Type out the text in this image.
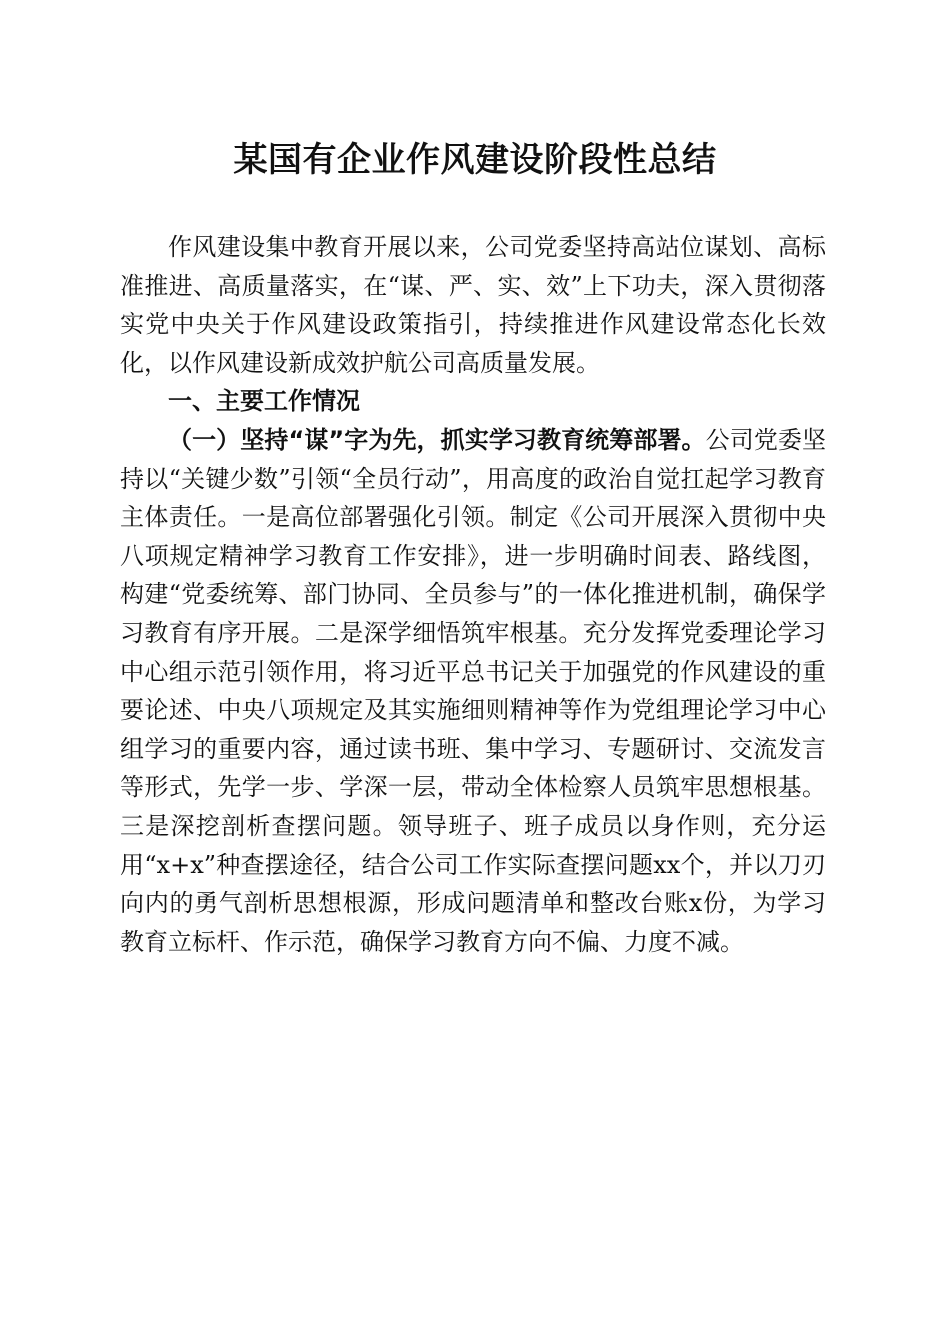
某国有企业作风建设阶段性总结

作风建设集中教育开展以来，公司党委坚持高站位谋划、高标准推进、高质量落实，在“谋、严、实、效”上下功夫，深入贯彻落实党中央关于作风建设政策指引，持续推进作风建设常态化长效化，以作风建设新成效护航公司高质量发展。

一、主要工作情况

（一）坚持“谋”字为先，抓实学习教育统筹部署。公司党委坚持以“关键少数”引领“全员行动”，用高度的政治自觉扛起学习教育主体责任。一是高位部署强化引领。制定《公司开展深入贯彻中央八项规定精神学习教育工作安排》，进一步明确时间表、路线图，构建“党委统筹、部门协同、全员参与”的一体化推进机制，确保学习教育有序开展。二是深学细悟筑牢根基。充分发挥党委理论学习中心组示范引领作用，将习近平总书记关于加强党的作风建设的重要论述、中央八项规定及其实施细则精神等作为党组理论学习中心组学习的重要内容，通过读书班、集中学习、专题研讨、交流发言等形式，先学一步、学深一层，带动全体检察人员筑牢思想根基。三是深挖剖析查摆问题。领导班子、班子成员以身作则，充分运用“x+x”种查摆途径，结合公司工作实际查摆问题xx个，并以刀刃向内的勇气剖析思想根源，形成问题清单和整改台账x份，为学习教育立标杆、作示范，确保学习教育方向不偏、力度不减。
